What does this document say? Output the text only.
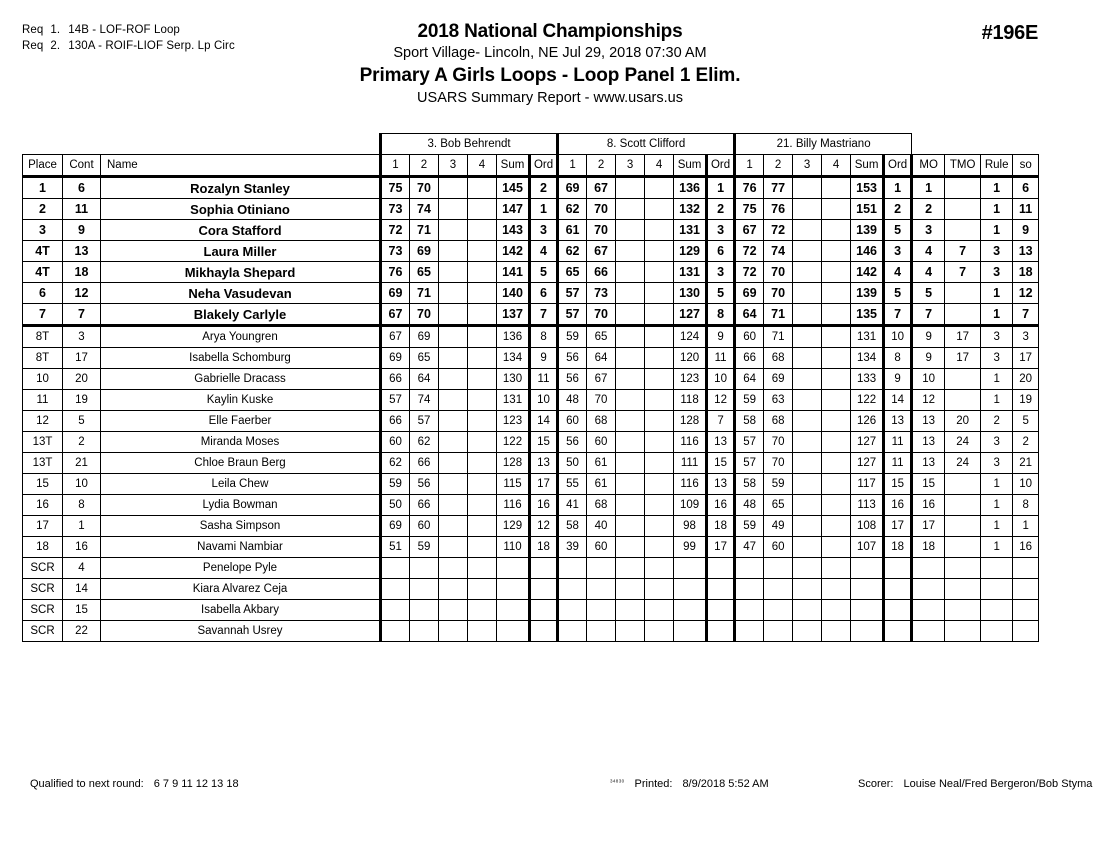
Req 1. 14B - LOF-ROF Loop
Req 2. 130A - ROIF-LIOF Serp. Lp Circ
2018 National Championships
Sport Village- Lincoln, NE Jul 29, 2018 07:30 AM
Primary A Girls Loops - Loop Panel 1 Elim.
USARS Summary Report - www.usars.us
#196E
			3. Bob Behrendt						8. Scott Clifford						21. Billy Mastriano									
Place	Cont	Name	1	2	3	4	Sum	Ord	1	2	3	4	Sum	Ord	1	2	3	4	Sum	Ord	MO	TMO	Rule	so
1	6	Rozalyn Stanley	75	70			145	2	69	67			136	1	76	77			153	1	1		1	6
2	11	Sophia Otiniano	73	74			147	1	62	70			132	2	75	76			151	2	2		1	11
3	9	Cora Stafford	72	71			143	3	61	70			131	3	67	72			139	5	3		1	9
4T	13	Laura Miller	73	69			142	4	62	67			129	6	72	74			146	3	4	7	3	13
4T	18	Mikhayla Shepard	76	65			141	5	65	66			131	3	72	70			142	4	4	7	3	18
6	12	Neha Vasudevan	69	71			140	6	57	73			130	5	69	70			139	5	5		1	12
7	7	Blakely Carlyle	67	70			137	7	57	70			127	8	64	71			135	7	7		1	7
8T	3	Arya Youngren	67	69			136	8	59	65			124	9	60	71			131	10	9	17	3	3
8T	17	Isabella Schomburg	69	65			134	9	56	64			120	11	66	68			134	8	9	17	3	17
10	20	Gabrielle Dracass	66	64			130	11	56	67			123	10	64	69			133	9	10		1	20
11	19	Kaylin Kuske	57	74			131	10	48	70			118	12	59	63			122	14	12		1	19
12	5	Elle Faerber	66	57			123	14	60	68			128	7	58	68			126	13	13	20	2	5
13T	2	Miranda Moses	60	62			122	15	56	60			116	13	57	70			127	11	13	24	3	2
13T	21	Chloe Braun Berg	62	66			128	13	50	61			111	15	57	70			127	11	13	24	3	21
15	10	Leila Chew	59	56			115	17	55	61			116	13	58	59			117	15	15		1	10
16	8	Lydia Bowman	50	66			116	16	41	68			109	16	48	65			113	16	16		1	8
17	1	Sasha Simpson	69	60			129	12	58	40			98	18	59	49			108	17	17		1	1
18	16	Navami Nambiar	51	59			110	18	39	60			99	17	47	60			107	18	18		1	16
SCR	4	Penelope Pyle																						
SCR	14	Kiara Alvarez Ceja																						
SCR	15	Isabella Akbary																						
SCR	22	Savannah Usrey																						
Qualified to next round: 6 7 9 11 12 13 18	$^{34830}$ Printed: 8/9/2018 5:52 AM	Scorer: Louise Neal/Fred Bergeron/Bob Styma
